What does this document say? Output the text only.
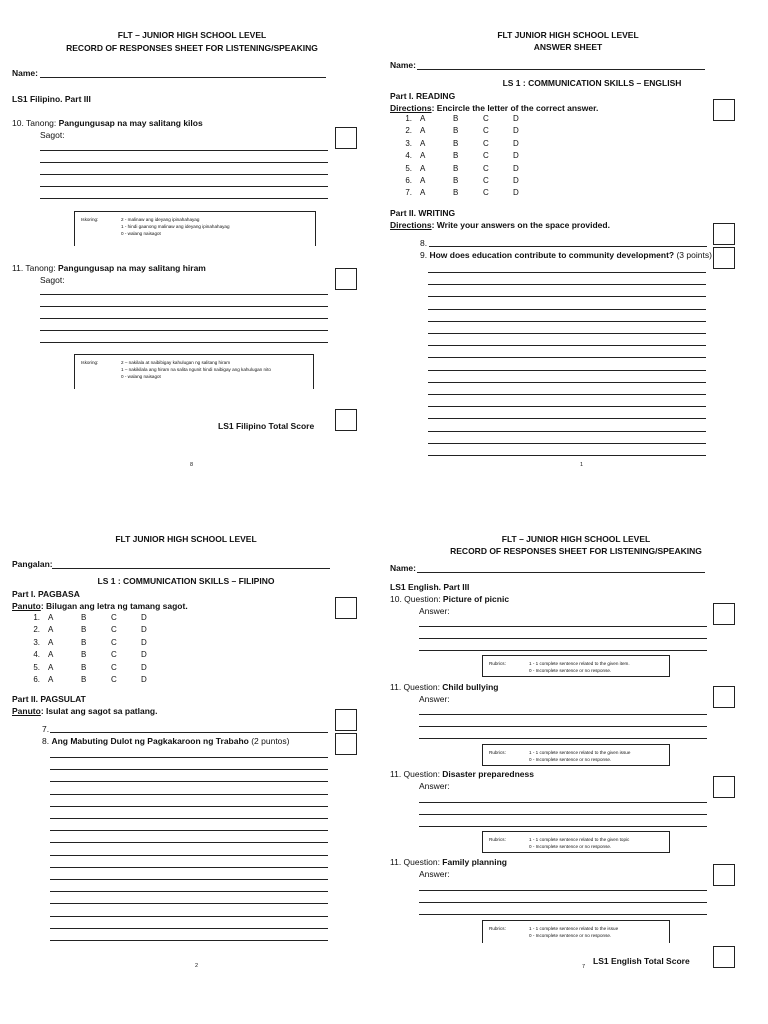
FLT – JUNIOR HIGH SCHOOL LEVEL
RECORD OF RESPONSES SHEET FOR LISTENING/SPEAKING
Name:
LS1 Filipino. Part III
10. Tanong: Pangungusap na may salitang kilos
Sagot:
Iskoring:	2 - malinaw ang ideyang ipinahahayag
1 - hindi gaanong malinaw ang ideyang ipinahahayag
0 - walang naisagot
11. Tanong: Pangungusap na may salitang hiram
Sagot:
Iskoring:	2 – nakilala at naibibigay kahulugan ng salitang hiram
1 – nakikilala ang hiram na salita ngunit hindi naibigay ang kahulugan nito
0 - walang naisagot
LS1 Filipino Total Score
8
FLT JUNIOR HIGH SCHOOL LEVEL
ANSWER SHEET
Name:
LS 1 : COMMUNICATION SKILLS – ENGLISH
Part I. READING
Directions: Encircle the letter of the correct answer.
1.	A	B	C	D
2.	A	B	C	D
3.	A	B	C	D
4.	A	B	C	D
5.	A	B	C	D
6.	A	B	C	D
7.	A	B	C	D
Part II. WRITING
Directions: Write your answers on the space provided.
8.
9. How does education contribute to community development? (3 points)
1
FLT JUNIOR HIGH SCHOOL LEVEL
Pangalan:
LS 1 : COMMUNICATION SKILLS – FILIPINO
Part I. PAGBASA
Panuto: Bilugan ang letra ng tamang sagot.
1.	A	B	C	D
2.	A	B	C	D
3.	A	B	C	D
4.	A	B	C	D
5.	A	B	C	D
6.	A	B	C	D
Part II. PAGSULAT
Panuto: Isulat ang sagot sa patlang.
7.
8. Ang Mabuting Dulot ng Pagkakaroon ng Trabaho (2 puntos)
2
FLT – JUNIOR HIGH SCHOOL LEVEL
RECORD OF RESPONSES SHEET FOR LISTENING/SPEAKING
Name:
LS1 English. Part III
10. Question: Picture of picnic
Answer:
Rubrics:	1 - 1 complete sentence related to the given item.
0 - Incomplete sentence or no response.
11. Question: Child bullying
Answer:
Rubrics:	1 - 1 complete sentence related to the given issue
0 - Incomplete sentence or no response.
11. Question: Disaster preparedness
Answer:
Rubrics:	1 - 1 complete sentence related to the given topic
0 - Incomplete sentence or no response.
11. Question: Family planning
Answer:
Rubrics:	1 - 1 complete sentence related to the issue
0 - Incomplete sentence or no response.
LS1 English Total Score
7
